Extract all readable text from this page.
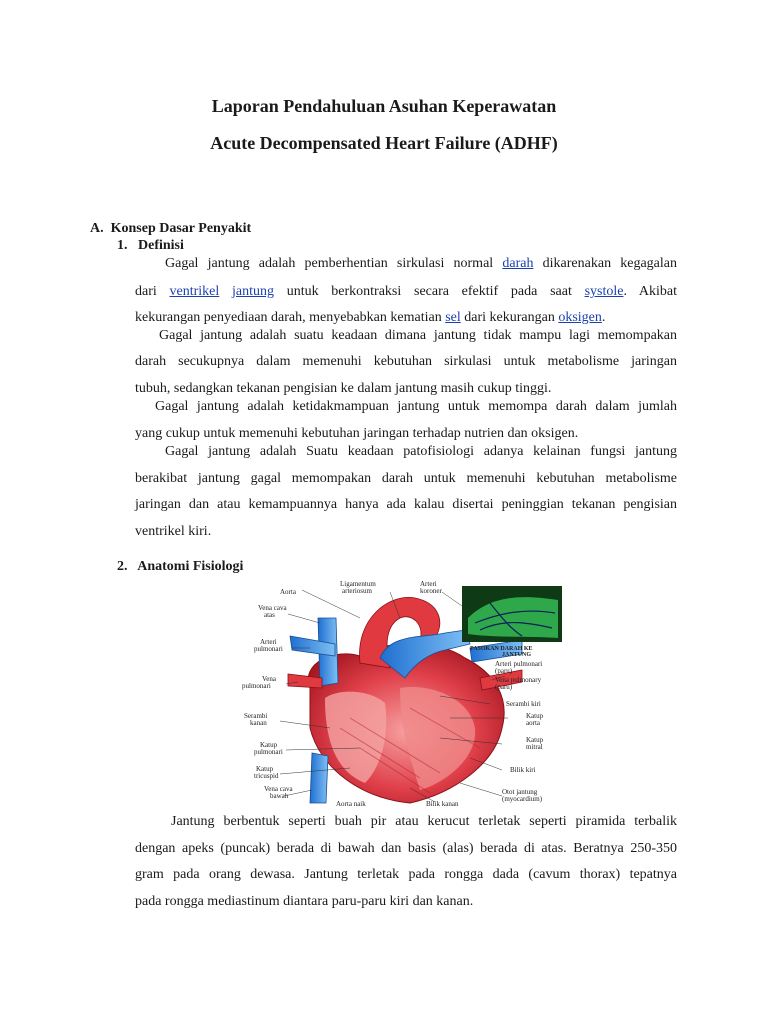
Laporan Pendahuluan Asuhan Keperawatan
Acute Decompensated Heart Failure (ADHF)
A. Konsep Dasar Penyakit
1. Definisi
Gagal jantung adalah pemberhentian sirkulasi normal darah dikarenakan kegagalan
dari ventrikel jantung untuk berkontraksi secara efektif pada saat systole. Akibat
kekurangan penyediaan darah, menyebabkan kematian sel dari kekurangan oksigen.
Gagal jantung adalah suatu keadaan dimana jantung tidak mampu lagi memompakan
darah secukupnya dalam memenuhi kebutuhan sirkulasi untuk metabolisme jaringan
tubuh, sedangkan tekanan pengisian ke dalam jantung masih cukup tinggi.
Gagal jantung adalah ketidakmampuan jantung untuk memompa darah dalam jumlah
yang cukup untuk memenuhi kebutuhan jaringan terhadap nutrien dan oksigen.
Gagal jantung adalah Suatu keadaan patofisiologi adanya kelainan fungsi jantung
berakibat jantung gagal memompakan darah untuk memenuhi kebutuhan metabolisme
jaringan dan atau kemampuannya hanya ada kalau disertai peninggian tekanan pengisian
ventrikel kiri.
2. Anatomi Fisiologi
Aorta
Ligamentum
arteriosum
Arteri
koroner
Vena cava
atas
Arteri
pulmonari
Vena
pulmonari
Serambi
kanan
Katup
pulmonari
Katup
tricuspid
Vena cava
bawah
Aorta naik	Bilik kanan
PASOKAN DARAH KE
JANTUNG
Arteri pulmonari
(paru)
Vena pulmonary
(paru)
Serambi kiri
Katup
aorta
Katup
mitral
Bilik kiri
Otot jantung
(myocardium)
Jantung berbentuk seperti buah pir atau kerucut terletak seperti piramida terbalik
dengan apeks (puncak) berada di bawah dan basis (alas) berada di atas. Beratnya 250-350
gram pada orang dewasa. Jantung terletak pada rongga dada (cavum thorax) tepatnya
pada rongga mediastinum diantara paru-paru kiri dan kanan.
